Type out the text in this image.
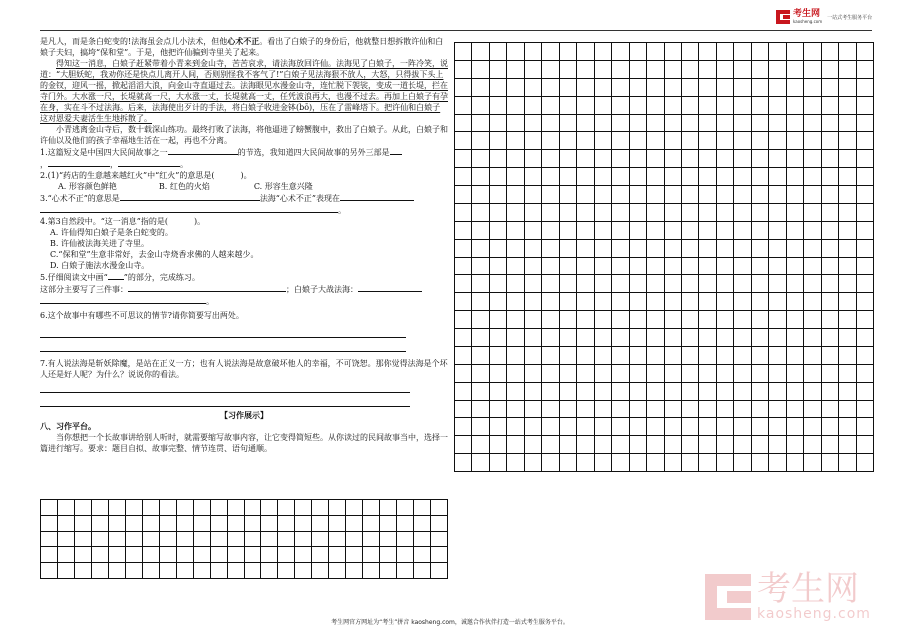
考生网
kaosheng.com
一站式考生服务平台

是凡人，而是条白蛇变的!法海虽会点儿小法术，但他心术不正。看出了白娘子的身份后，他就整日想拆散许仙和白娘子夫妇，搞垮“保和堂”。于是，他把许仙骗到寺里关了起来。

得知这一消息，白娘子赶紧带着小青来到金山寺，苦苦哀求，请法海放回许仙。法海见了白娘子，一阵冷笑，说道：“大胆妖蛇，我劝你还是快点儿离开人间，否则别怪我不客气了!”白娘子见法海狠不放人，大怒，只得拔下头上的金钗，迎风一摇，掀起滔滔大浪，向金山寺直逼过去。法海眼见水漫金山寺，连忙脱下袈裟，变成一道长堤，拦在寺门外。大水涨一尺，长堤就高一尺，大水涨一丈，长堤就高一丈，任凭波浪再大，也漫不过去。再加上白娘子有孕在身，实在斗不过法海。后来，法海使出歹计的手法，将白娘子收进金钵(bō)，压在了雷峰塔下。把许仙和白娘子这对恩爱夫妻活生生地拆散了。

小青逃离金山寺后，数十载深山练功。最终打败了法海，将他逼进了螃蟹腹中，救出了白娘子。从此，白娘子和许仙以及他们的孩子幸福地生活在一起，再也不分离。

1.这篇短文是中国四大民间故事之一	的节选，我知道四大民间故事的另外三部是

，	，	。

2.(1)“药店的生意越来越红火”中“红火”的意思是(	)。

A. 形容颜色鲜艳	B. 红色的火焰	C. 形容生意兴隆

3.“心术不正”的意思是	法海“心术不正”表现在

。

4.第3自然段中。“这一消息”指的是(	)。

A. 许仙得知白娘子是条白蛇变的。

B. 许仙被法海关进了寺里。

C.“保和堂”生意非常好，去金山寺烧香求佛的人越来越少。

D. 白娘子施法水漫金山寺。

5.仔细阅读文中画“ ”的部分，完成练习。

这部分主要写了三件事：	；白娘子大战法海：

。

6.这个故事中有哪些不可思议的情节?请你简要写出两处。

7.有人说法海是斩妖除魔，是站在正义一方；也有人说法海是故意破坏他人的幸福，不可饶恕。那你觉得法海是个坏人还是好人呢？为什么？说说你的看法。

【习作展示】

八、习作平台。

当你想把一个长故事讲给别人听时，就需要缩写故事内容，让它变得简短些。从你读过的民间故事当中，选择一篇进行缩写。要求：题目自拟、故事完整、情节连贯、语句通顺。

考生网
kaosheng.com
考生网官方网址为“考生”拼音 kaosheng.com，诚邀合作伙伴打造一站式考生服务平台。
